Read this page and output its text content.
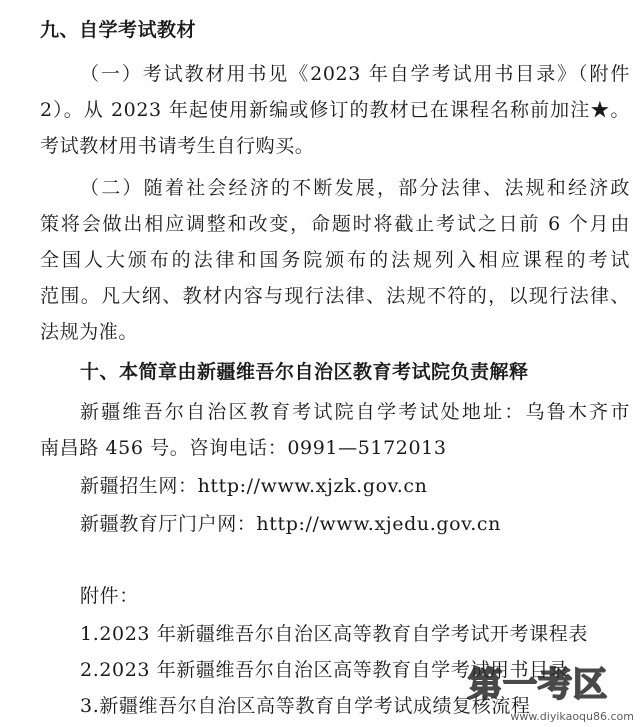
九、自学考试教材
（一）考试教材用书见《2023 年自学考试用书目录》（附件
2）。从 2023 年起使用新编或修订的教材已在课程名称前加注★。
考试教材用书请考生自行购买。
（二）随着社会经济的不断发展，部分法律、法规和经济政
策将会做出相应调整和改变，命题时将截止考试之日前 6 个月由
全国人大颁布的法律和国务院颁布的法规列入相应课程的考试
范围。凡大纲、教材内容与现行法律、法规不符的，以现行法律、
法规为准。
十、本简章由新疆维吾尔自治区教育考试院负责解释
新疆维吾尔自治区教育考试院自学考试处地址：乌鲁木齐市
南昌路 456 号。咨询电话：0991—5172013
新疆招生网：http://www.xjzk.gov.cn
新疆教育厅门户网：http://www.xjedu.gov.cn
附件：
1.2023 年新疆维吾尔自治区高等教育自学考试开考课程表
2.2023 年新疆维吾尔自治区高等教育自学考试用书目录
3.新疆维吾尔自治区高等教育自学考试成绩复核流程
第一考区
www.diyikaoqu86.com
